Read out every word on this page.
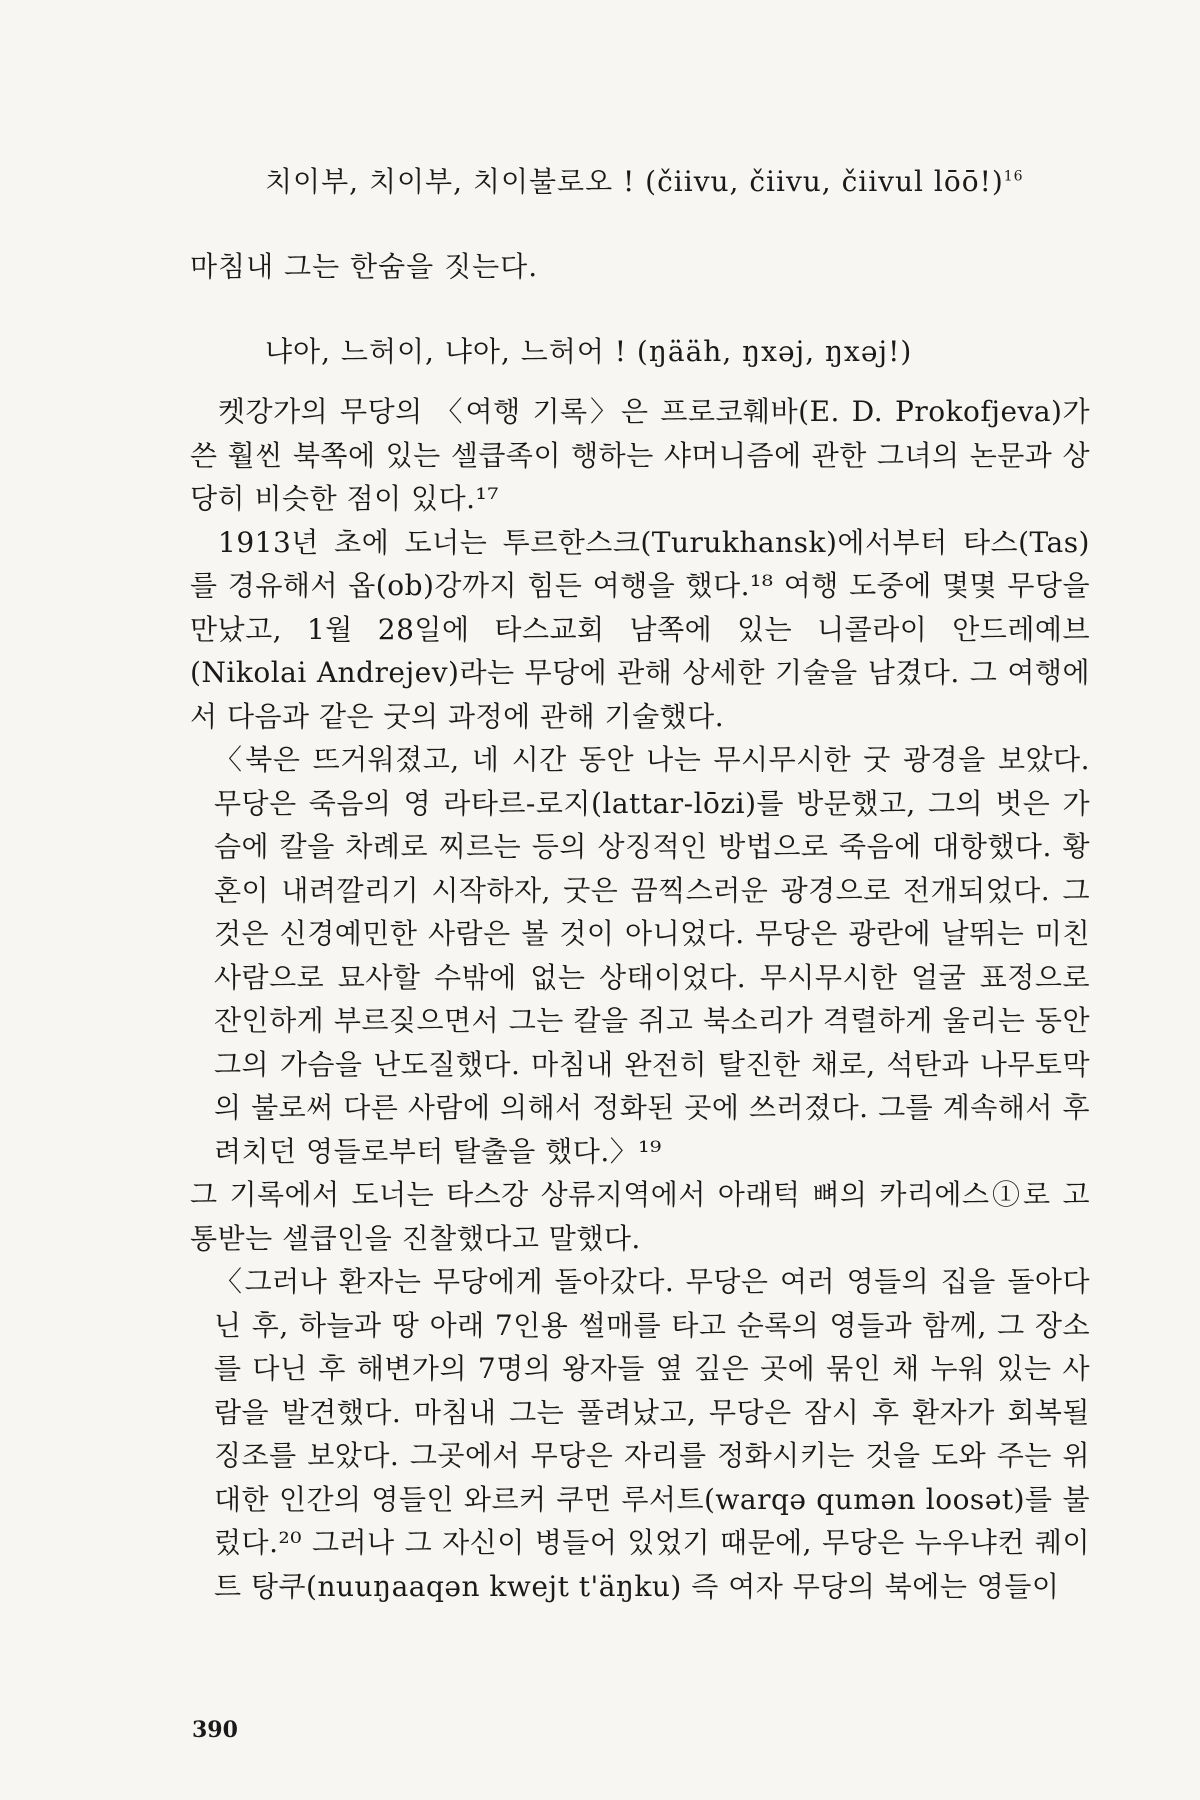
치이부, 치이부, 치이불로오 ! (čiivu, čiivu, čiivul lōō!)$^{16}$
마침내 그는 한숨을 짓는다.
냐아, 느허이, 냐아, 느허어 ! (ŋääh, ŋxəj, ŋxəj!)

켓강가의 무당의 〈여행 기록〉은 프로코훼바(E. D. Prokofjeva)가 쓴 훨씬 북쪽에 있는 셀큽족이 행하는 샤머니즘에 관한 그녀의 논문과 상당히 비슷한 점이 있다.¹⁷

1913년 초에 도너는 투르한스크(Turukhansk)에서부터 타스(Tas)를 경유해서 옵(ob)강까지 힘든 여행을 했다.¹⁸ 여행 도중에 몇몇 무당을 만났고, 1월 28일에 타스교회 남쪽에 있는 니콜라이 안드레예브(Nikolai Andrejev)라는 무당에 관해 상세한 기술을 남겼다. 그 여행에서 다음과 같은 굿의 과정에 관해 기술했다.

〈북은 뜨거워졌고, 네 시간 동안 나는 무시무시한 굿 광경을 보았다. 무당은 죽음의 영 라타르-로지(lattar-lōzi)를 방문했고, 그의 벗은 가슴에 칼을 차례로 찌르는 등의 상징적인 방법으로 죽음에 대항했다. 황혼이 내려깔리기 시작하자, 굿은 끔찍스러운 광경으로 전개되었다. 그것은 신경예민한 사람은 볼 것이 아니었다. 무당은 광란에 날뛰는 미친사람으로 묘사할 수밖에 없는 상태이었다. 무시무시한 얼굴 표정으로 잔인하게 부르짖으면서 그는 칼을 쥐고 북소리가 격렬하게 울리는 동안 그의 가슴을 난도질했다. 마침내 완전히 탈진한 채로, 석탄과 나무토막의 불로써 다른 사람에 의해서 정화된 곳에 쓰러졌다. 그를 계속해서 후려치던 영들로부터 탈출을 했다.〉¹⁹

그 기록에서 도너는 타스강 상류지역에서 아래턱 뼈의 카리에스①로 고통받는 셀큽인을 진찰했다고 말했다.

〈그러나 환자는 무당에게 돌아갔다. 무당은 여러 영들의 집을 돌아다닌 후, 하늘과 땅 아래 7인용 썰매를 타고 순록의 영들과 함께, 그 장소를 다닌 후 해변가의 7명의 왕자들 옆 깊은 곳에 묶인 채 누워 있는 사람을 발견했다. 마침내 그는 풀려났고, 무당은 잠시 후 환자가 회복될 징조를 보았다. 그곳에서 무당은 자리를 정화시키는 것을 도와 주는 위대한 인간의 영들인 와르커 쿠먼 루서트(warqə qumən loosət)를 불렀다.²⁰ 그러나 그 자신이 병들어 있었기 때문에, 무당은 누우냐컨 퀘이트 탕쿠(nuuŋaaqən kwejt t'äŋku) 즉 여자 무당의 북에는 영들이

390
